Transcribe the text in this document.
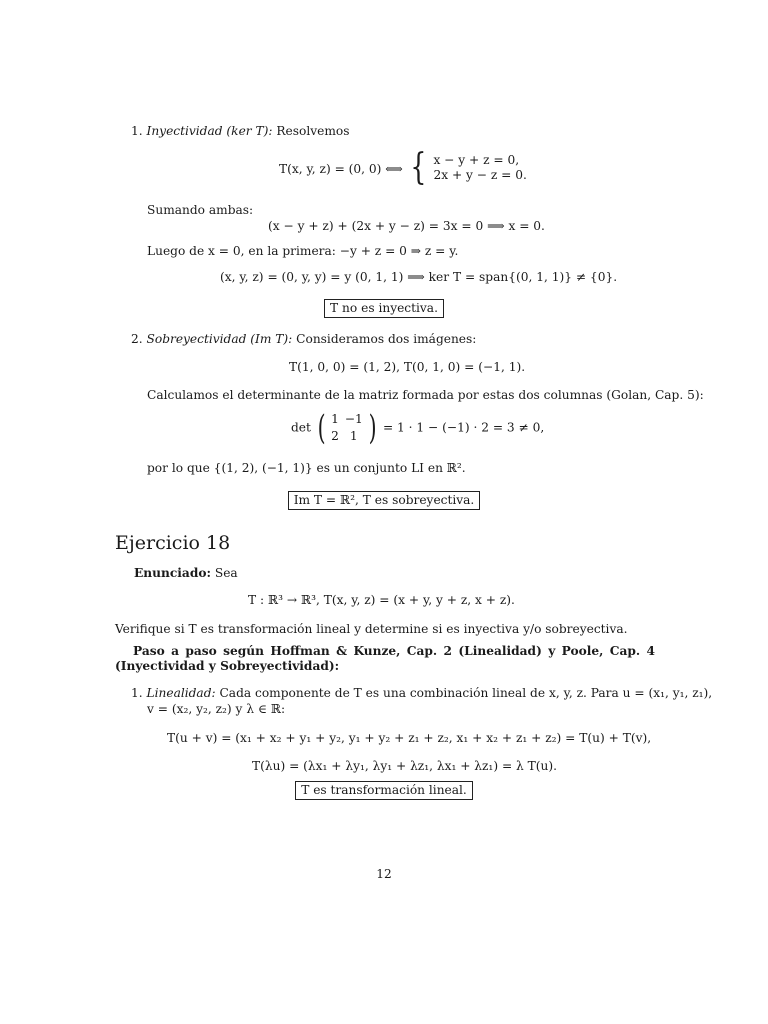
1. Inyectividad (ker T): Resolvemos
T(x, y, z) = (0, 0) ⟺ { x − y + z = 0,
2x + y − z = 0.
Sumando ambas:
(x − y + z) + (2x + y − z) = 3x = 0 ⟹ x = 0.
Luego de x = 0, en la primera: −y + z = 0 ⇒ z = y.
(x, y, z) = (0, y, y) = y (0, 1, 1) ⟹ ker T = span{(0, 1, 1)} ≠ {0}.
T no es inyectiva.
2. Sobreyectividad (Im T): Consideramos dos imágenes:
T(1, 0, 0) = (1, 2), T(0, 1, 0) = (−1, 1).
Calculamos el determinante de la matriz formada por estas dos columnas (Golan, Cap. 5):
det ( 1	−1
2	1 ) = 1 · 1 − (−1) · 2 = 3 ≠ 0,
por lo que {(1, 2), (−1, 1)} es un conjunto LI en ℝ².
Im T = ℝ², T es sobreyectiva.
Ejercicio 18
Enunciado: Sea
T : ℝ³ → ℝ³, T(x, y, z) = (x + y, y + z, x + z).
Verifique si T es transformación lineal y determine si es inyectiva y/o sobreyectiva.
Paso a paso según Hoffman & Kunze, Cap. 2 (Linealidad) y Poole, Cap. 4 (Inyectividad y Sobreyectividad):
1. Linealidad: Cada componente de T es una combinación lineal de x, y, z. Para u = (x₁, y₁, z₁),
v = (x₂, y₂, z₂) y λ ∈ ℝ:
T(u + v) = (x₁ + x₂ + y₁ + y₂, y₁ + y₂ + z₁ + z₂, x₁ + x₂ + z₁ + z₂) = T(u) + T(v),
T(λu) = (λx₁ + λy₁, λy₁ + λz₁, λx₁ + λz₁) = λ T(u).
T es transformación lineal.
12
